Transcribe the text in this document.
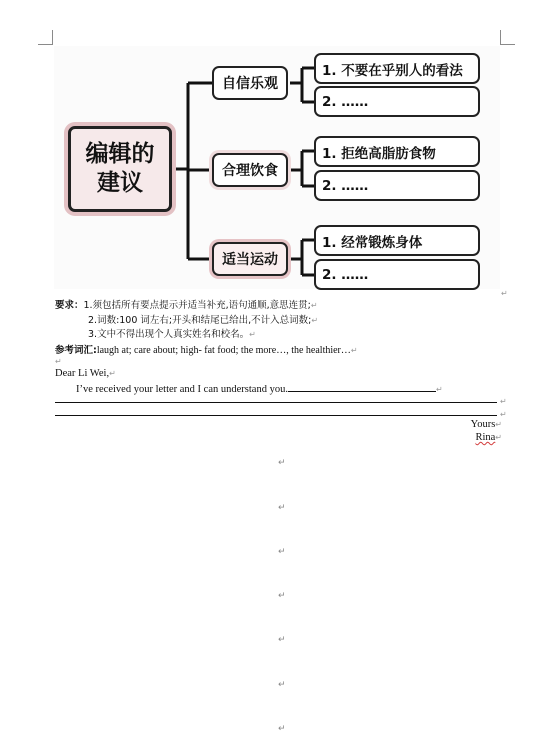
编辑的
建议
自信乐观
合理饮食
适当运动
1. 不要在乎别人的看法
2. ……
1. 拒绝高脂肪食物
2. ……
1. 经常锻炼身体
2. ……
↵
要求：1.须包括所有要点提示并适当补充,语句通顺,意思连贯;↵
2.词数:100 词左右;开头和结尾已给出,不计入总词数;↵
3.文中不得出现个人真实姓名和校名。↵
参考词汇:laugh at; care about; high- fat food; the more…, the healthier…↵
↵
Dear Li Wei,↵
I’ve received your letter and I can understand you.	↵
↵
↵
Yours↵
Rina↵
↵
↵
↵
↵
↵
↵
↵
